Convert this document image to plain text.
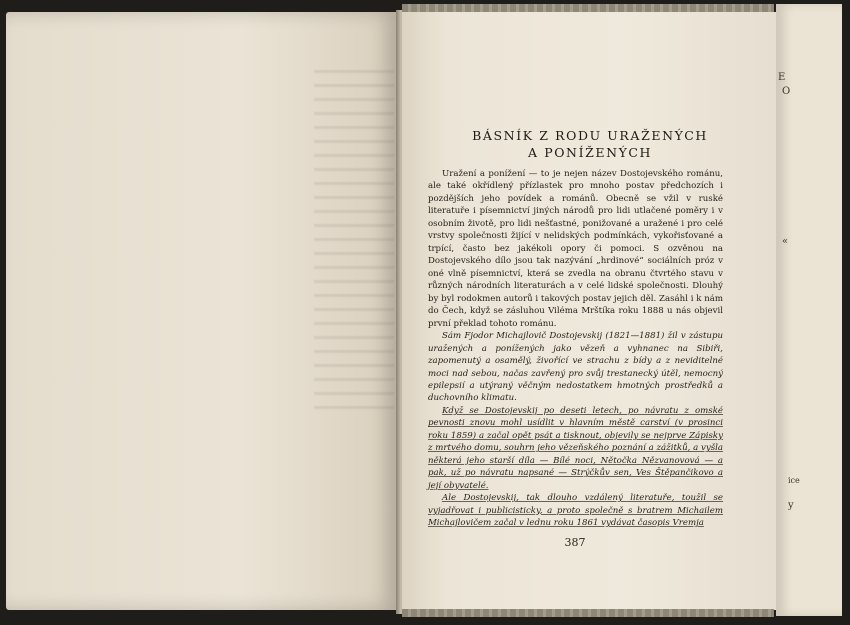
E
O
«
ice
y
BÁSNÍK Z RODU URAŽENÝCH
A PONÍŽENÝCH

Uražení a ponížení — to je nejen název Dostojevského románu, ale také okřídlený přízlastek pro mnoho postav předchozích i pozdějších jeho povídek a románů. Obecně se vžil v ruské literatuře i písemnictví jiných národů pro lidi utlačené poměry i v osobním životě, pro lidi nešťastné, ponižované a uražené i pro celé vrstvy společnosti žijící v nelidských podmínkách, vykořisťované a trpící, často bez jakékoli opory či pomoci. S ozvěnou na Dostojevského dílo jsou tak nazývání „hrdinové“ sociálních próz v oné vlně písemnictví, která se zvedla na obranu čtvrtého stavu v různých národních literaturách a v celé lidské společnosti. Dlouhý by byl rodokmen autorů i takových postav jejich děl. Zasáhl i k nám do Čech, když se zásluhou Viléma Mrštíka roku 1888 u nás objevil první překlad tohoto románu.

Sám Fjodor Michajlovič Dostojevskij (1821—1881) žil v zástupu uražených a ponížených jako vězeň a vyhnanec na Sibiři, zapomenutý a osamělý, živořící ve strachu z bídy a z neviditelné moci nad sebou, načas zavřený pro svůj trestanecký útěl, nemocný epilepsií a utýraný věčným nedostatkem hmotných prostředků a duchovního klimatu.

Když se Dostojevskij po deseti letech, po návratu z omské pevnosti znovu mohl usídlit v hlavním městě carství (v prosinci roku 1859) a začal opět psát a tisknout, objevily se nejprve Zápisky z mrtvého domu, souhrn jeho vězeňského poznání a zážitků, a vyšla některá jeho starší díla — Bílé noci, Nětočka Nězvanovová — a pak, už po návratu napsané — Strýčkův sen, Ves Štěpančikovo a její obyvatelé.

Ale Dostojevskij, tak dlouho vzdálený literatuře, toužil se vyjadřovat i publicisticky, a proto společně s bratrem Michailem Michajlovičem začal v lednu roku 1861 vydávat časopis Vremja

387
